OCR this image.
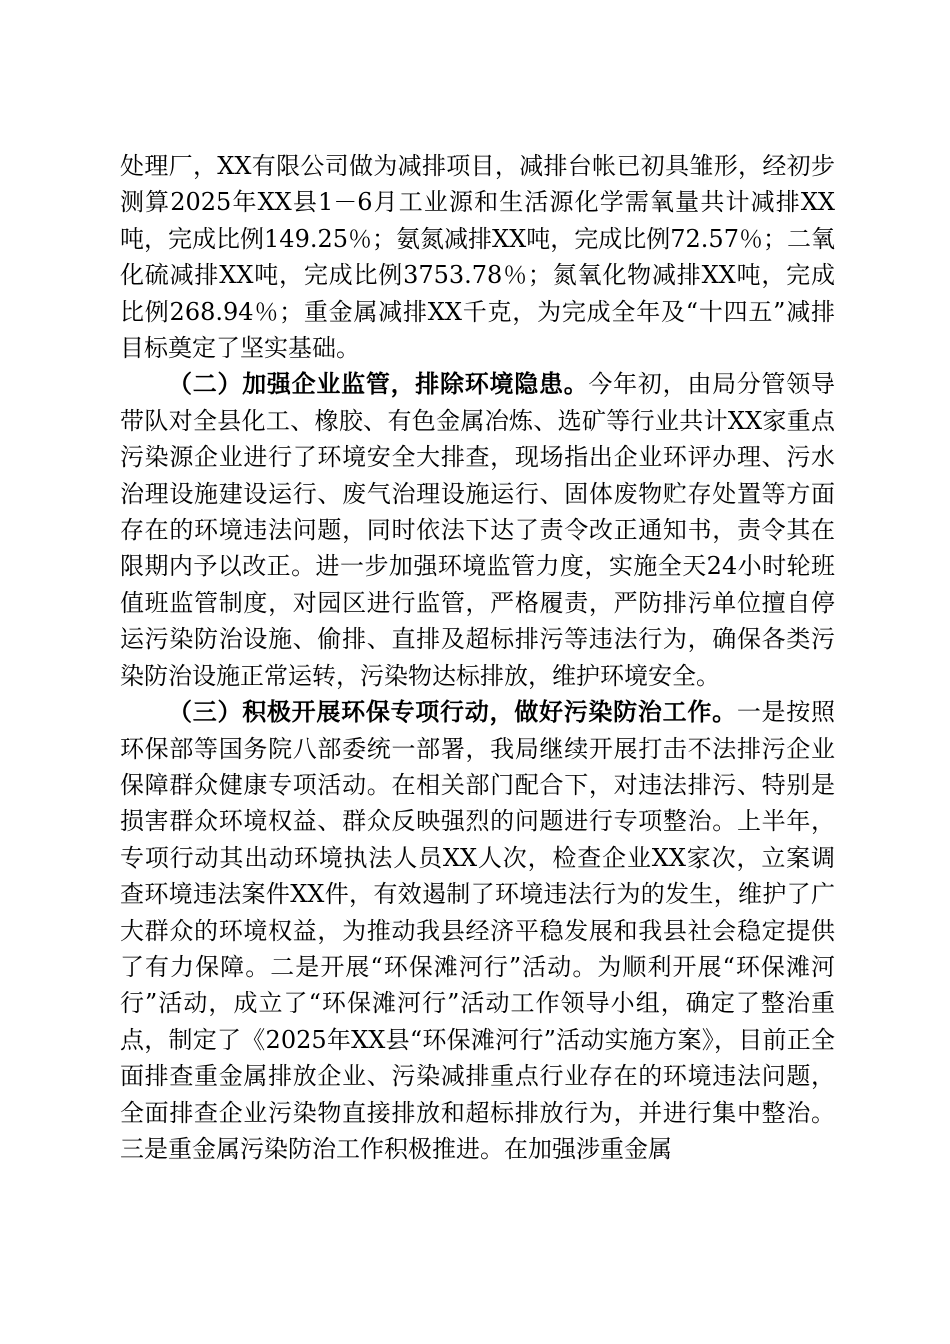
处理厂，XX有限公司做为减排项目，减排台帐已初具雏形，经初步测算2025年XX县1－6月工业源和生活源化学需氧量共计减排XX吨，完成比例149.25％；氨氮减排XX吨，完成比例72.57％；二氧化硫减排XX吨，完成比例3753.78％；氮氧化物减排XX吨，完成比例268.94％；重金属减排XX千克，为完成全年及“十四五”减排目标奠定了坚实基础。

（二）加强企业监管，排除环境隐患。今年初，由局分管领导带队对全县化工、橡胶、有色金属冶炼、选矿等行业共计XX家重点污染源企业进行了环境安全大排查，现场指出企业环评办理、污水治理设施建设运行、废气治理设施运行、固体废物贮存处置等方面存在的环境违法问题，同时依法下达了责令改正通知书，责令其在限期内予以改正。进一步加强环境监管力度，实施全天24小时轮班值班监管制度，对园区进行监管，严格履责，严防排污单位擅自停运污染防治设施、偷排、直排及超标排污等违法行为，确保各类污染防治设施正常运转，污染物达标排放，维护环境安全。

（三）积极开展环保专项行动，做好污染防治工作。一是按照环保部等国务院八部委统一部署，我局继续开展打击不法排污企业保障群众健康专项活动。在相关部门配合下，对违法排污、特别是损害群众环境权益、群众反映强烈的问题进行专项整治。上半年，专项行动其出动环境执法人员XX人次，检查企业XX家次，立案调查环境违法案件XX件，有效遏制了环境违法行为的发生，维护了广大群众的环境权益，为推动我县经济平稳发展和我县社会稳定提供了有力保障。二是开展“环保滩河行”活动。为顺利开展“环保滩河行”活动，成立了“环保滩河行”活动工作领导小组，确定了整治重点，制定了《2025年XX县“环保滩河行”活动实施方案》，目前正全面排查重金属排放企业、污染减排重点行业存在的环境违法问题，全面排查企业污染物直接排放和超标排放行为，并进行集中整治。三是重金属污染防治工作积极推进。在加强涉重金属
